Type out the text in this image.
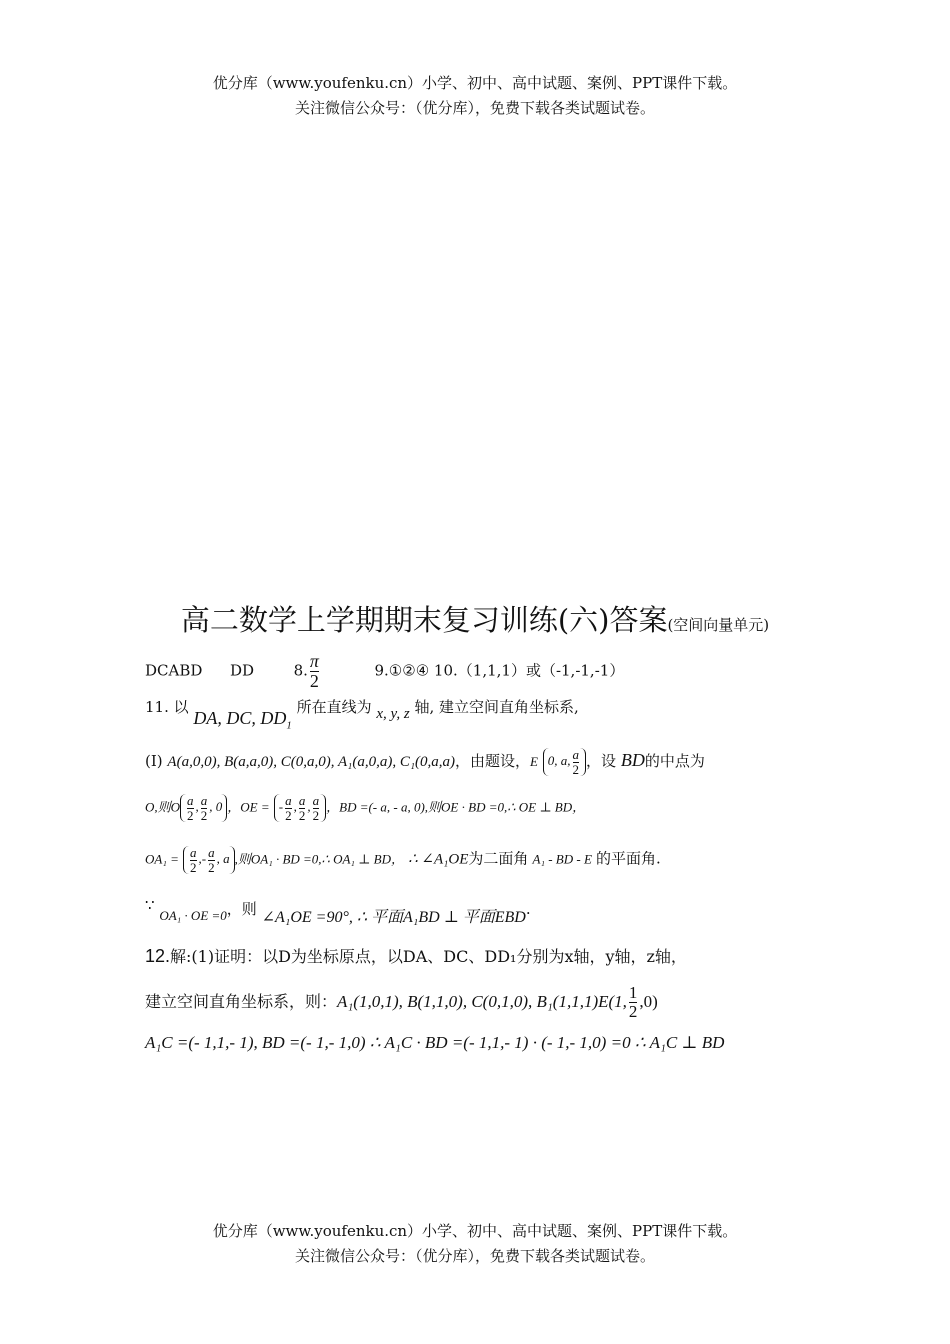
优分库（www.youfenku.cn）小学、初中、高中试题、案例、PPT课件下载。
关注微信公众号：（优分库），免费下载各类试题试卷。
高二数学上学期期末复习训练(六)答案(空间向量单元)
DCABD DD	8. $\frac{\pi}{2}$	9.①②④ 10.（1,1,1）或（-1,-1,-1）
11. 以 DA, DC, $DD_1$ 所在直线为 x, y, z 轴, 建立空间直角坐标系,
(I) A(a,0,0), B(a,a,0), C(0,a,0), A₁(a,0,a), C₁(0,a,a)，由题设，E 0, a, $\frac{a}{2}$ ，设 BD的中点为
O,则O $\frac{a}{2}$ , $\frac{a}{2}$ , 0 ，OE = - $\frac{a}{2}$ , $\frac{a}{2}$ , $\frac{a}{2}$ ，BD =(- a, - a, 0),则OE · BD =0,∴ OE ⊥ BD，
$OA_1 = \frac{a}{2}$ ,- $\frac{a}{2}$ , a ,则OA₁ · BD =0,∴ OA₁ ⊥ BD， ∴ ∠A₁OE为二面角 A₁ - BD - E 的平面角.
∵ OA₁ · OE =0，则 ∠A₁OE =90°, ∴ 平面A₁BD ⊥ 平面EBD.
12.解:(1)证明：以D为坐标原点，以DA、DC、DD₁分别为x轴，y轴，z轴，
建立空间直角坐标系，则：A₁(1,0,1), B(1,1,0), C(0,1,0), B₁(1,1,1)E(1, $\frac{1}{2} ,0$)
A₁C =(- 1,1,- 1), BD =(- 1,- 1,0) ∴ A₁C · BD =(- 1,1,- 1) · (- 1,- 1,0) =0 ∴ A₁C ⊥ BD
优分库（www.youfenku.cn）小学、初中、高中试题、案例、PPT课件下载。
关注微信公众号：（优分库），免费下载各类试题试卷。
